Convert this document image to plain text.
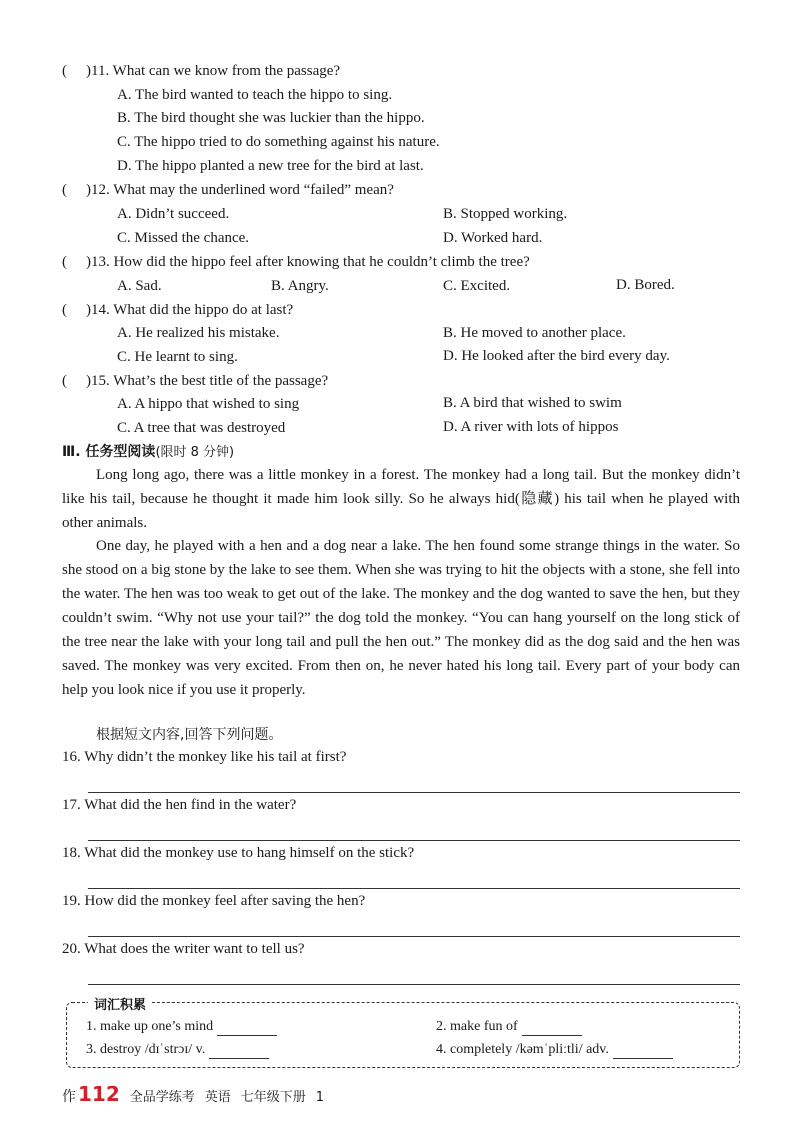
( )11. What can we know from the passage?
A. The bird wanted to teach the hippo to sing.
B. The bird thought she was luckier than the hippo.
C. The hippo tried to do something against his nature.
D. The hippo planted a new tree for the bird at last.
( )12. What may the underlined word “failed” mean?
A. Didn’t succeed.	B. Stopped working.
C. Missed the chance.	D. Worked hard.
( )13. How did the hippo feel after knowing that he couldn’t climb the tree?
A. Sad.	B. Angry.	C. Excited.	D. Bored.
( )14. What did the hippo do at last?
A. He realized his mistake.	B. He moved to another place.
C. He learnt to sing.	D. He looked after the bird every day.
( )15. What’s the best title of the passage?
A. A hippo that wished to sing	B. A bird that wished to swim
C. A tree that was destroyed	D. A river with lots of hippos
Ⅲ. 任务型阅读(限时 8 分钟)
Long long ago, there was a little monkey in a forest. The monkey had a long tail. But the monkey didn’t like his tail, because he thought it made him look silly. So he always hid(隐藏) his tail when he played with other animals.
One day, he played with a hen and a dog near a lake. The hen found some strange things in the water. So she stood on a big stone by the lake to see them. When she was trying to hit the objects with a stone, she fell into the water. The hen was too weak to get out of the lake. The monkey and the dog wanted to save the hen, but they couldn’t swim. “Why not use your tail?” the dog told the monkey. “You can hang yourself on the long stick of the tree near the lake with your long tail and pull the hen out.” The monkey did as the dog said and the hen was saved. The monkey was very excited. From then on, he never hated his long tail. Every part of your body can help you look nice if you use it properly.
根据短文内容,回答下列问题。
16. Why didn’t the monkey like his tail at first?
17. What did the hen find in the water?
18. What did the monkey use to hang himself on the stick?
19. How did the monkey feel after saving the hen?
20. What does the writer want to tell us?
词汇积累
1. make up one’s mind	2. make fun of
3. destroy /dɪˈstrɔɪ/ v.	4. completely /kəmˈpliːtli/ adv.
作 112 全品学练考 英语 七年级下册 1
